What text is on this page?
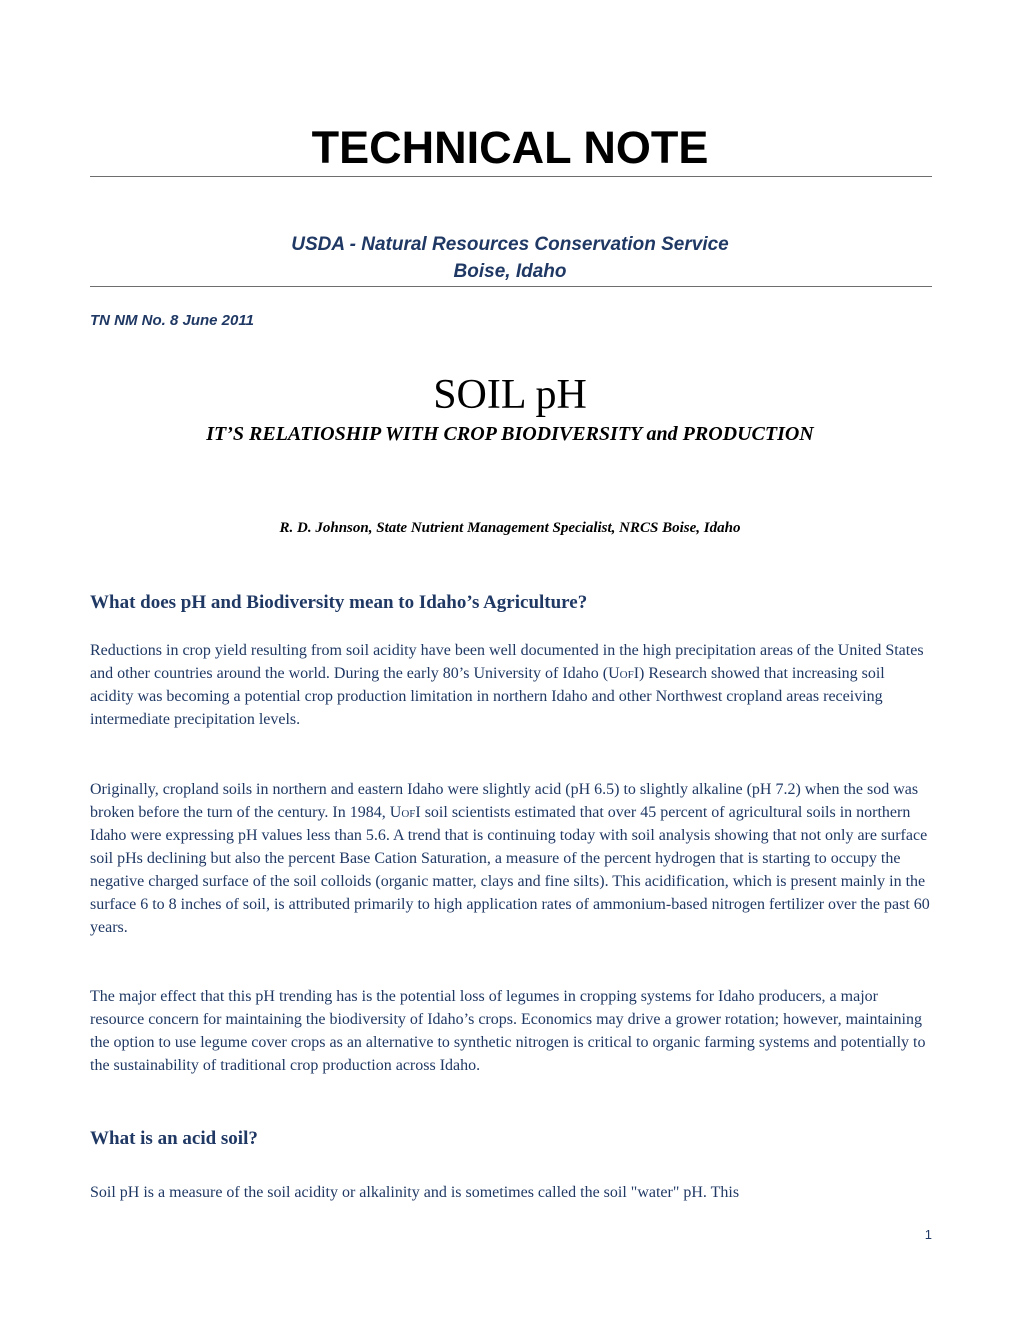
TECHNICAL NOTE
USDA - Natural Resources Conservation Service
Boise, Idaho
TN NM No. 8 June 2011
SOIL pH
IT’S RELATIOSHIP WITH CROP BIODIVERSITY and PRODUCTION
R. D. Johnson, State Nutrient Management Specialist, NRCS Boise, Idaho
What does pH and Biodiversity mean to Idaho’s Agriculture?

Reductions in crop yield resulting from soil acidity have been well documented in the high precipitation areas of the United States and other countries around the world. During the early 80’s University of Idaho (UofI) Research showed that increasing soil acidity was becoming a potential crop production limitation in northern Idaho and other Northwest cropland areas receiving intermediate precipitation levels.

Originally, cropland soils in northern and eastern Idaho were slightly acid (pH 6.5) to slightly alkaline (pH 7.2) when the sod was broken before the turn of the century. In 1984, UofI soil scientists estimated that over 45 percent of agricultural soils in northern Idaho were expressing pH values less than 5.6. A trend that is continuing today with soil analysis showing that not only are surface soil pHs declining but also the percent Base Cation Saturation, a measure of the percent hydrogen that is starting to occupy the negative charged surface of the soil colloids (organic matter, clays and fine silts). This acidification, which is present mainly in the surface 6 to 8 inches of soil, is attributed primarily to high application rates of ammonium-based nitrogen fertilizer over the past 60 years.

The major effect that this pH trending has is the potential loss of legumes in cropping systems for Idaho producers, a major resource concern for maintaining the biodiversity of Idaho’s crops. Economics may drive a grower rotation; however, maintaining the option to use legume cover crops as an alternative to synthetic nitrogen is critical to organic farming systems and potentially to the sustainability of traditional crop production across Idaho.

What is an acid soil?

Soil pH is a measure of the soil acidity or alkalinity and is sometimes called the soil "water" pH. This

1
